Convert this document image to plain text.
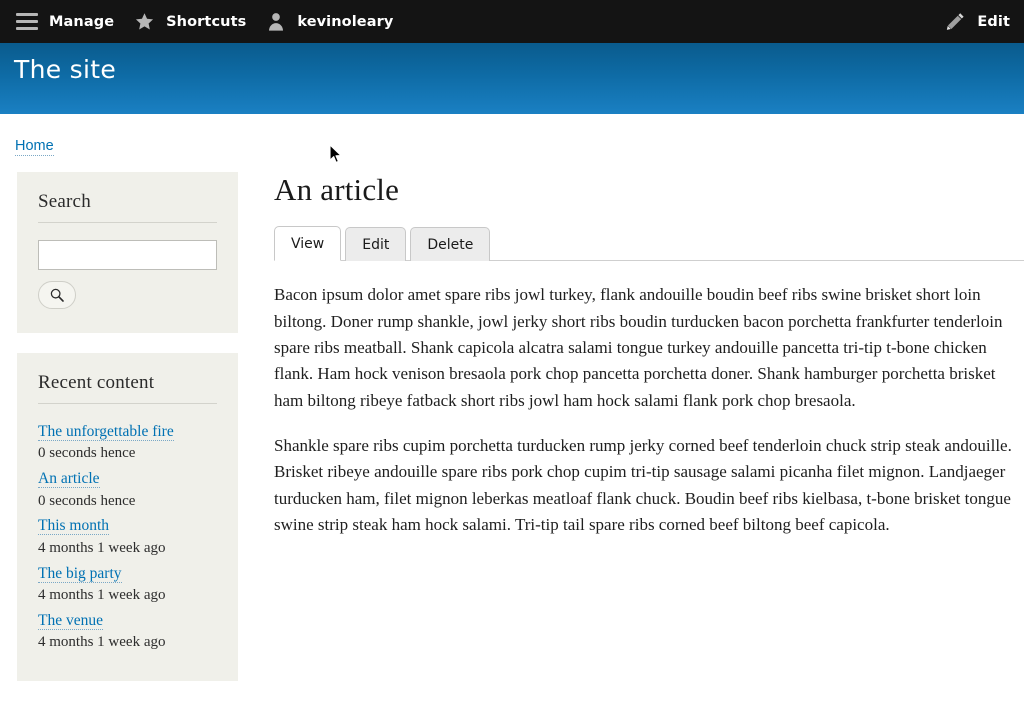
Manage	Shortcuts	kevinoleary	Edit
The site
Home
Search
Recent content
The unforgettable fire
0 seconds hence
An article
0 seconds hence
This month
4 months 1 week ago
The big party
4 months 1 week ago
The venue
4 months 1 week ago
An article
View	Edit	Delete

Bacon ipsum dolor amet spare ribs jowl turkey, flank andouille boudin beef ribs swine brisket short loin biltong. Doner rump shankle, jowl jerky short ribs boudin turducken bacon porchetta frankfurter tenderloin spare ribs meatball. Shank capicola alcatra salami tongue turkey andouille pancetta tri-tip t-bone chicken flank. Ham hock venison bresaola pork chop pancetta porchetta doner. Shank hamburger porchetta brisket ham biltong ribeye fatback short ribs jowl ham hock salami flank pork chop bresaola.

Shankle spare ribs cupim porchetta turducken rump jerky corned beef tenderloin chuck strip steak andouille. Brisket ribeye andouille spare ribs pork chop cupim tri-tip sausage salami picanha filet mignon. Landjaeger turducken ham, filet mignon leberkas meatloaf flank chuck. Boudin beef ribs kielbasa, t-bone brisket tongue swine strip steak ham hock salami. Tri-tip tail spare ribs corned beef biltong beef capicola.
